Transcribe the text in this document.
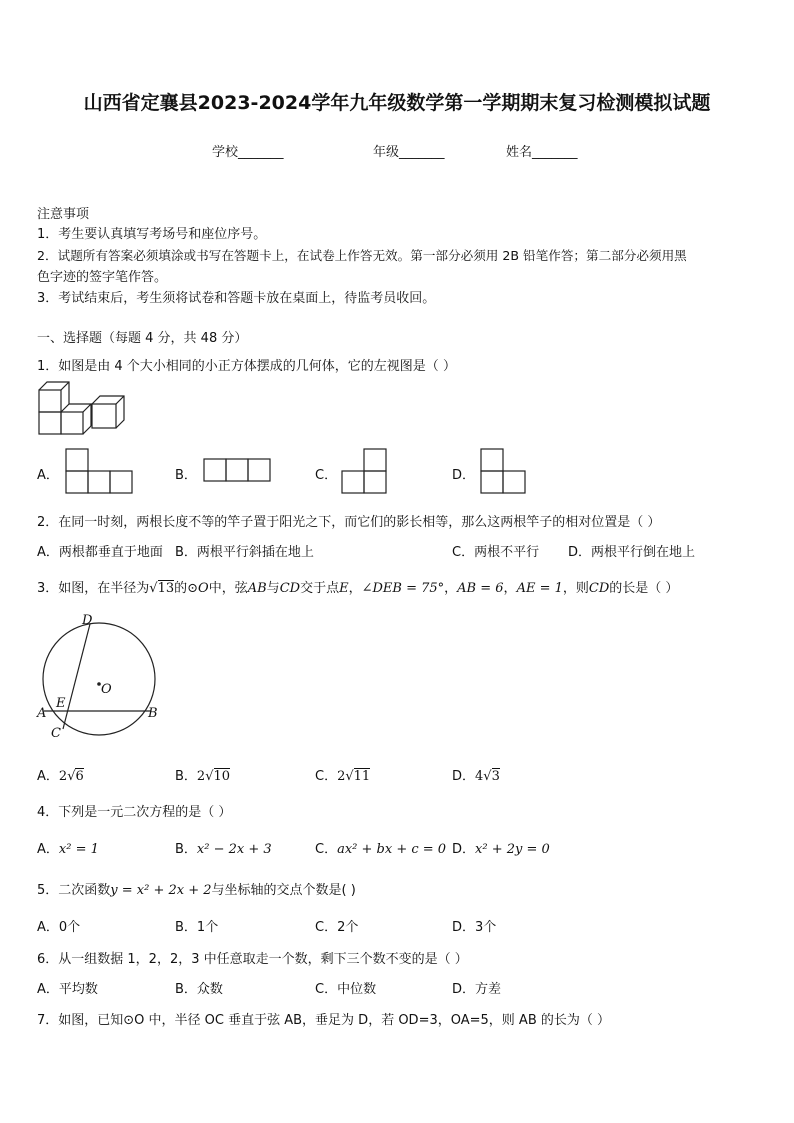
山西省定襄县2023-2024学年九年级数学第一学期期末复习检测模拟试题
学校_______	年级_______	姓名_______
注意事项
1．考生要认真填写考场号和座位序号。
2．试题所有答案必须填涂或书写在答题卡上，在试卷上作答无效。第一部分必须用 2B 铅笔作答；第二部分必须用黑
色字迹的签字笔作答。
3．考试结束后，考生须将试卷和答题卡放在桌面上，待监考员收回。
一、选择题（每题 4 分，共 48 分）
1．如图是由 4 个大小相同的小正方体摆成的几何体，它的左视图是（ ）
A．	B．	C．	D．
2．在同一时刻，两根长度不等的竿子置于阳光之下，而它们的影长相等，那么这两根竿子的相对位置是（ ）
A．两根都垂直于地面 B．两根平行斜插在地上	C．两根不平行 D．两根平行倒在地上
3．如图，在半径为√13的⊙O中，弦AB与CD交于点E，∠DEB = 75°，AB = 6，AE = 1，则CD的长是（ ）
D
O
A
E
B
C
A．2√6	B．2√10	C．2√11	D．4√3
4．下列是一元二次方程的是（ ）
A．x² = 1	B．x² − 2x + 3	C．ax² + bx + c = 0 D．x² + 2y = 0
5．二次函数y = x² + 2x + 2与坐标轴的交点个数是( )
A．0个	B．1个	C．2个	D．3个
6．从一组数据 1，2，2，3 中任意取走一个数，剩下三个数不变的是（ ）
A．平均数	B．众数	C．中位数	D．方差
7．如图，已知⊙O 中，半径 OC 垂直于弦 AB，垂足为 D，若 OD=3，OA=5，则 AB 的长为（ ）
